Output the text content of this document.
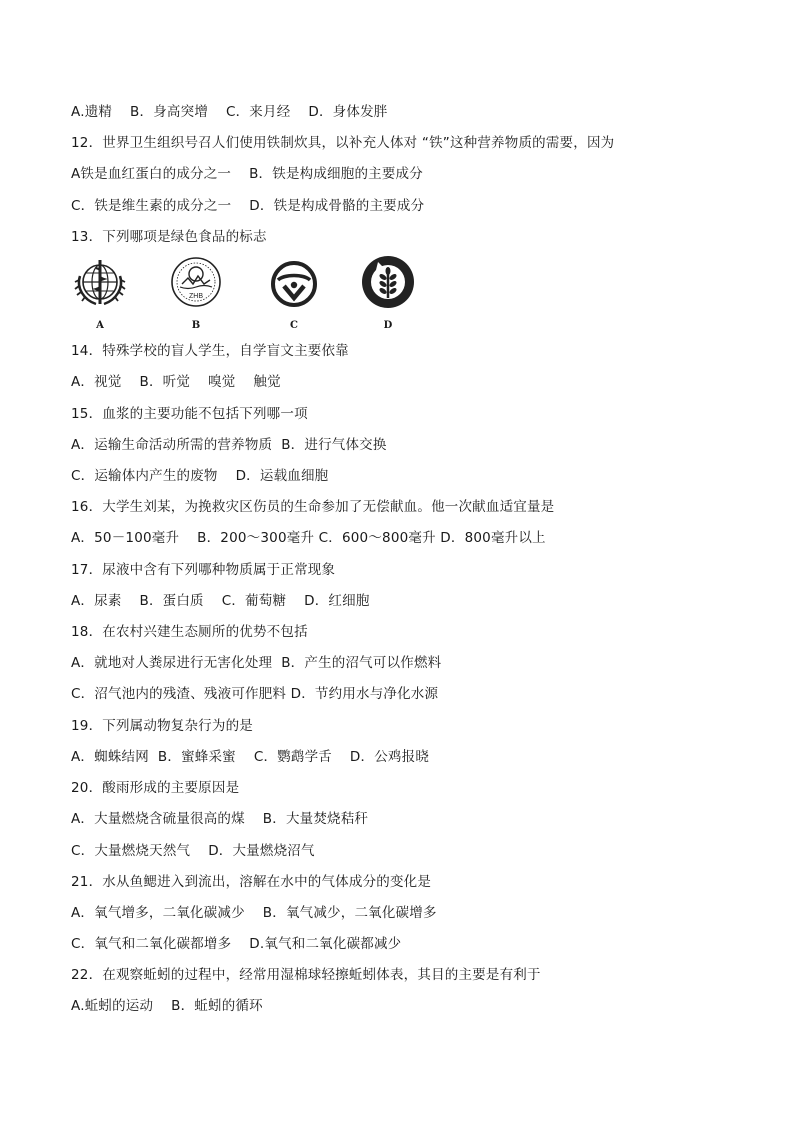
A.遗精    B．身高突增    C．来月经    D．身体发胖
12．世界卫生组织号召人们使用铁制炊具，以补充人体对 “铁”这种营养物质的需要，因为
A铁是血红蛋白的成分之一    B．铁是构成细胞的主要成分
C．铁是维生素的成分之一    D．铁是构成骨骼的主要成分
13．下列哪项是绿色食品的标志
A
ZHB
B	C	D
14．特殊学校的盲人学生，自学盲文主要依靠
A．视觉    B．听觉    嗅觉    触觉
15．血浆的主要功能不包括下列哪一项
A．运输生命活动所需的营养物质  B．进行气体交换
C．运输体内产生的废物    D．运载血细胞
16．大学生刘某，为挽救灾区伤员的生命参加了无偿献血。他一次献血适宜量是
A．50－100毫升    B．200～300毫升 C．600～800毫升 D．800毫升以上
17．尿液中含有下列哪种物质属于正常现象
A．尿素    B．蛋白质    C．葡萄糖    D．红细胞
18．在农村兴建生态厕所的优势不包括
A．就地对人粪尿进行无害化处理  B．产生的沼气可以作燃料
C．沼气池内的残渣、残液可作肥料 D．节约用水与净化水源
19．下列属动物复杂行为的是
A．蜘蛛结网  B．蜜蜂采蜜    C．鹦鹉学舌    D．公鸡报晓
20．酸雨形成的主要原因是
A．大量燃烧含硫量很高的煤    B．大量焚烧秸秆
C．大量燃烧天然气    D．大量燃烧沼气
21．水从鱼鳃进入到流出，溶解在水中的气体成分的变化是
A．氧气增多，二氧化碳减少    B．氧气减少，二氧化碳增多
C．氧气和二氧化碳都增多    D.氧气和二氧化碳都减少
22．在观察蚯蚓的过程中，经常用湿棉球轻擦蚯蚓体表，其目的主要是有利于
A.蚯蚓的运动    B．蚯蚓的循环
